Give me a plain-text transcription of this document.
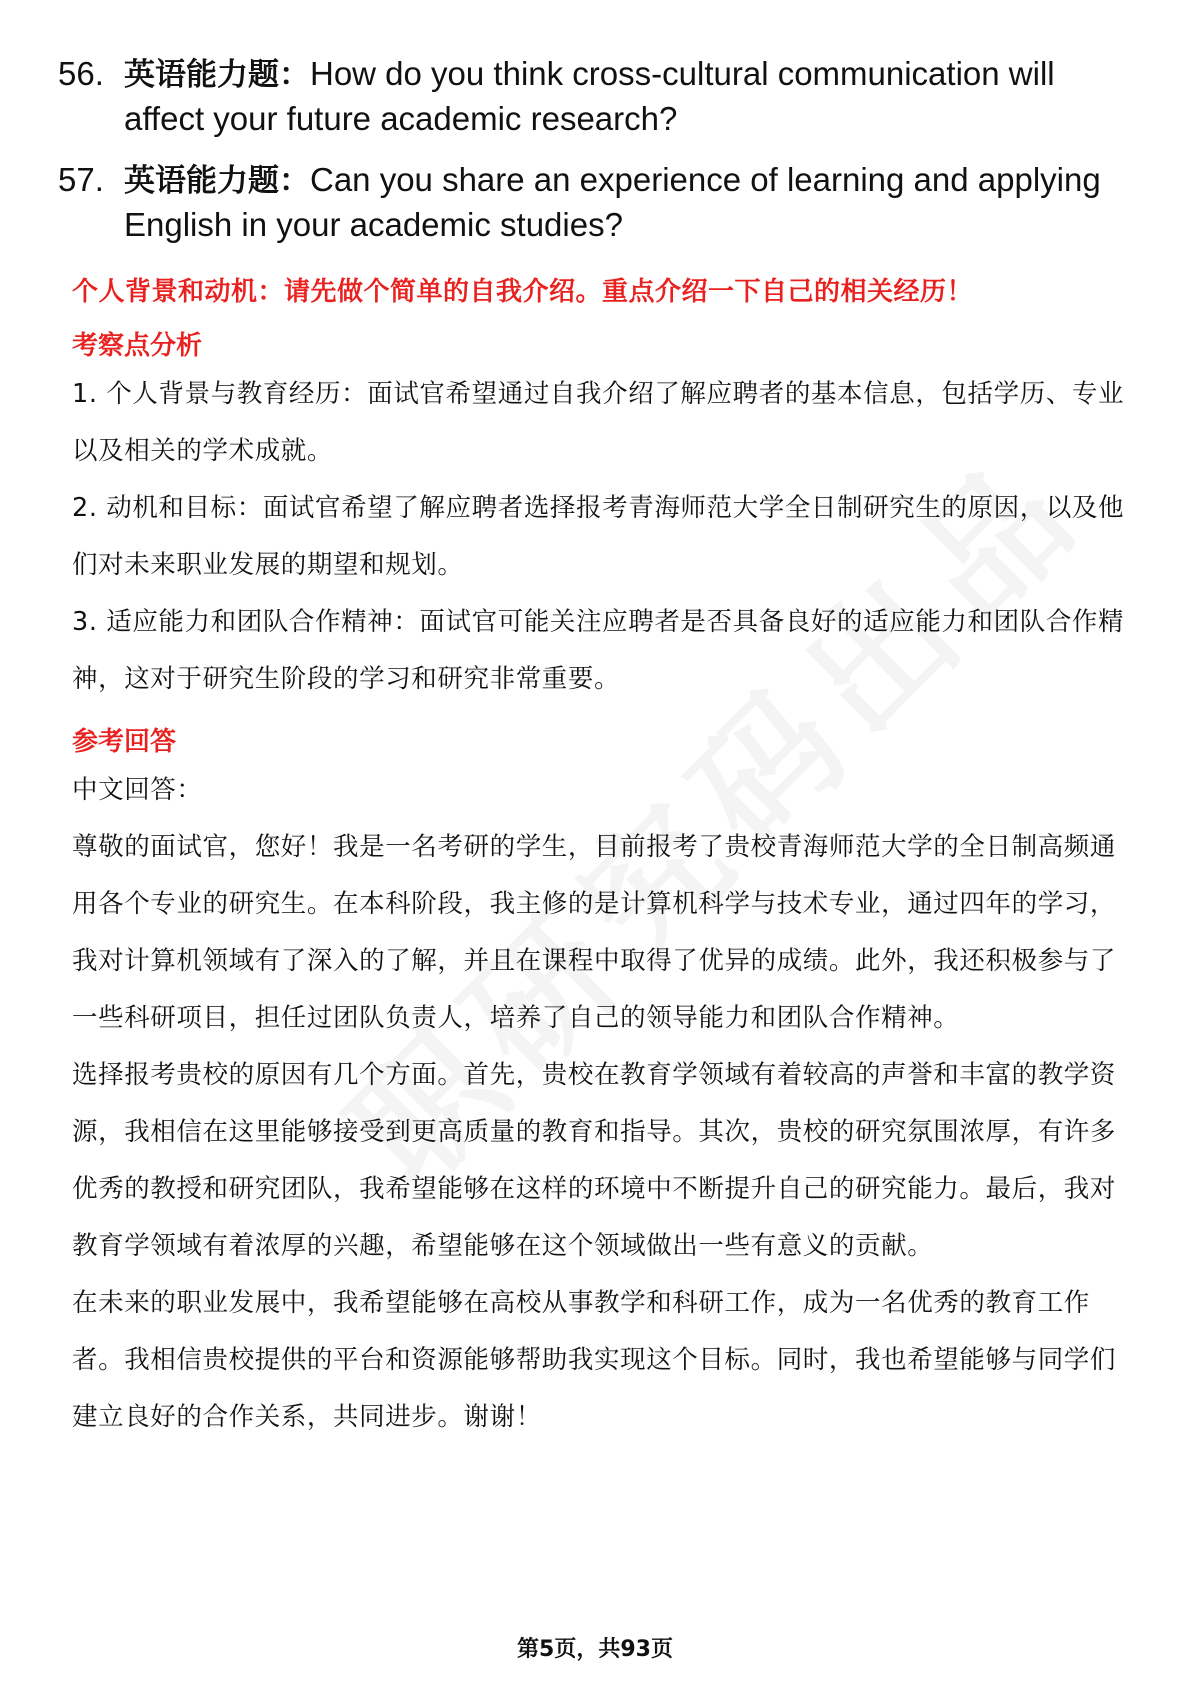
56. 英语能力题：How do you think cross-cultural communication will affect your future academic research?
57. 英语能力题：Can you share an experience of learning and applying English in your academic studies?
个人背景和动机：请先做个简单的自我介绍。重点介绍一下自己的相关经历！
考察点分析

1. 个人背景与教育经历：面试官希望通过自我介绍了解应聘者的基本信息，包括学历、专业以及相关的学术成就。

2. 动机和目标：面试官希望了解应聘者选择报考青海师范大学全日制研究生的原因，以及他们对未来职业发展的期望和规划。

3. 适应能力和团队合作精神：面试官可能关注应聘者是否具备良好的适应能力和团队合作精神，这对于研究生阶段的学习和研究非常重要。

参考回答

中文回答：

尊敬的面试官，您好！我是一名考研的学生，目前报考了贵校青海师范大学的全日制高频通用各个专业的研究生。在本科阶段，我主修的是计算机科学与技术专业，通过四年的学习，我对计算机领域有了深入的了解，并且在课程中取得了优异的成绩。此外，我还积极参与了一些科研项目，担任过团队负责人，培养了自己的领导能力和团队合作精神。

选择报考贵校的原因有几个方面。首先，贵校在教育学领域有着较高的声誉和丰富的教学资源，我相信在这里能够接受到更高质量的教育和指导。其次，贵校的研究氛围浓厚，有许多优秀的教授和研究团队，我希望能够在这样的环境中不断提升自己的研究能力。最后，我对教育学领域有着浓厚的兴趣，希望能够在这个领域做出一些有意义的贡献。

在未来的职业发展中，我希望能够在高校从事教学和科研工作，成为一名优秀的教育工作者。我相信贵校提供的平台和资源能够帮助我实现这个目标。同时，我也希望能够与同学们建立良好的合作关系，共同进步。谢谢！

第5页，共93页
